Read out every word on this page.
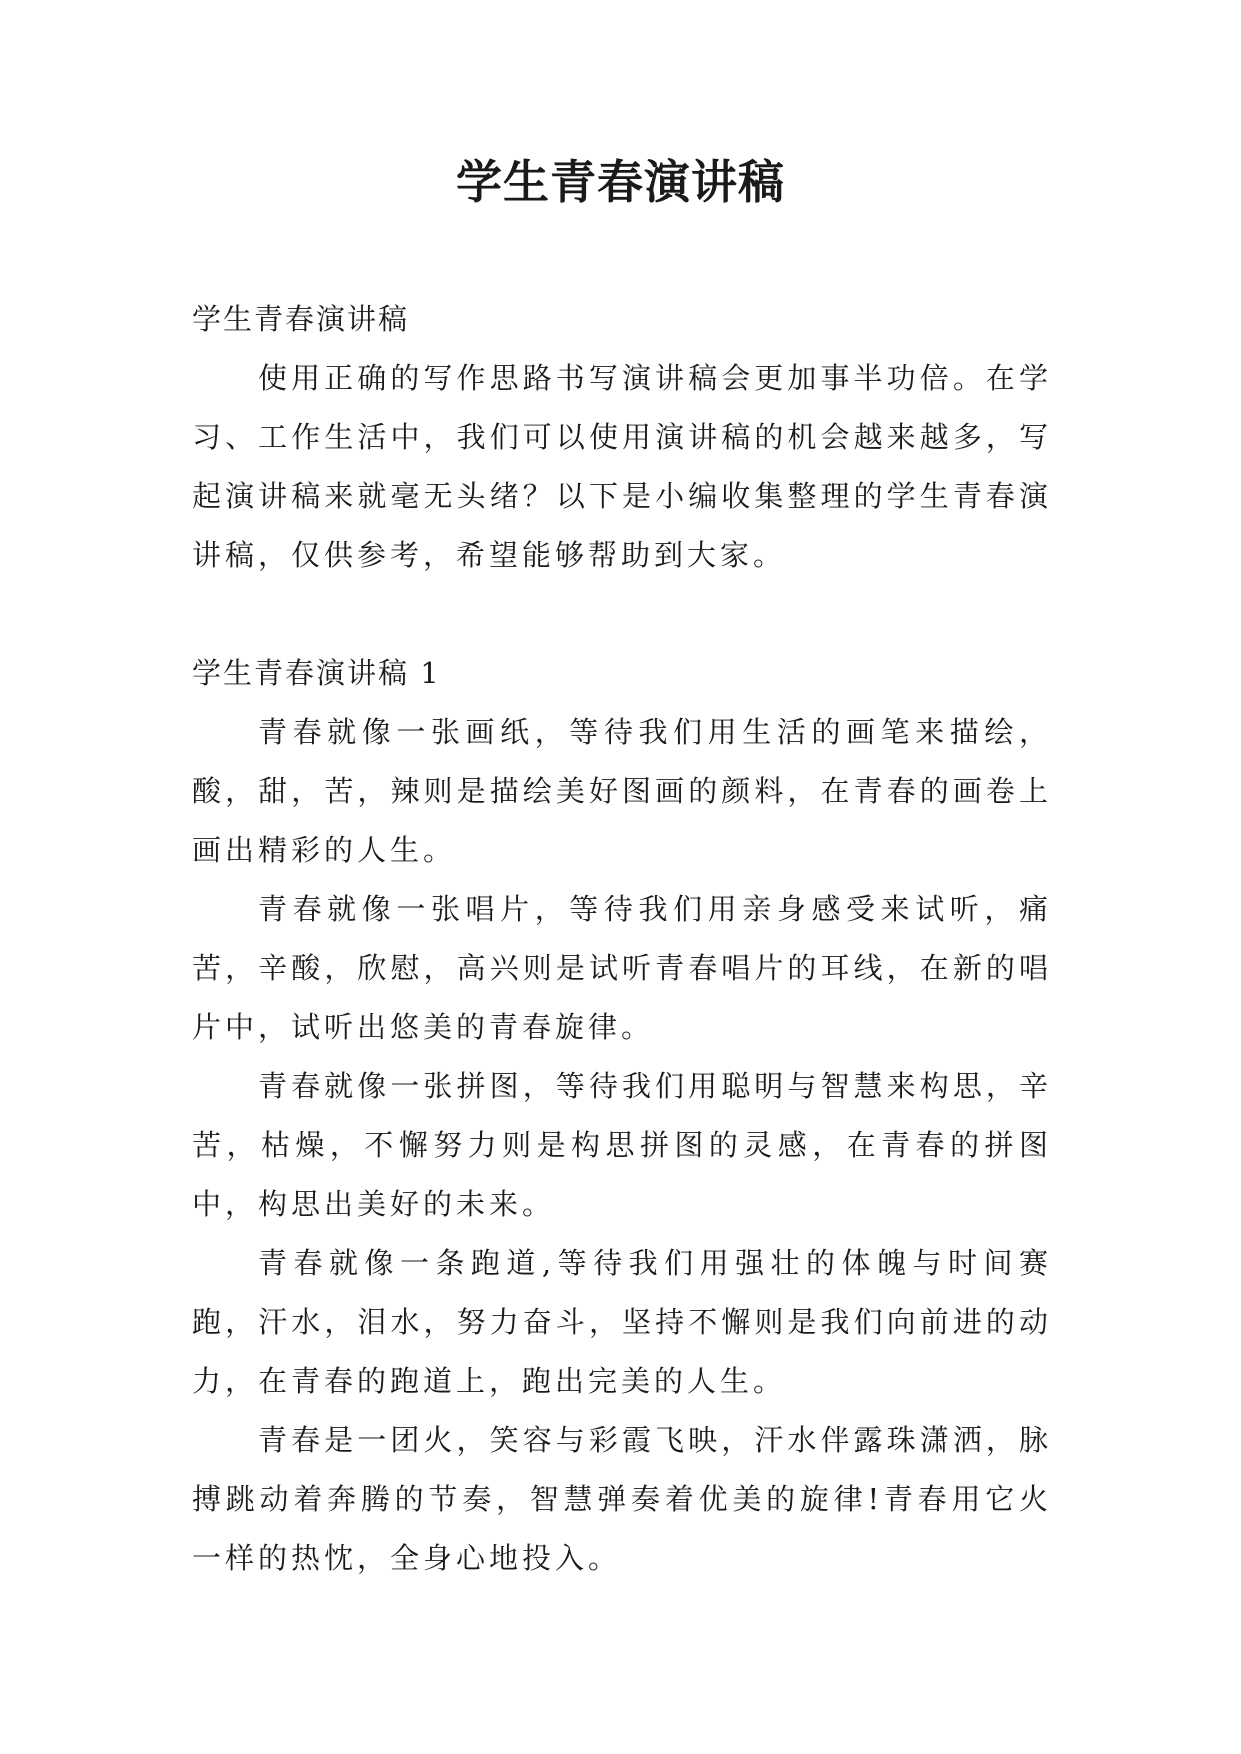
学生青春演讲稿

学生青春演讲稿

使用正确的写作思路书写演讲稿会更加事半功倍。在学习、工作生活中，我们可以使用演讲稿的机会越来越多，写起演讲稿来就毫无头绪？以下是小编收集整理的学生青春演讲稿，仅供参考，希望能够帮助到大家。

学生青春演讲稿 1

青春就像一张画纸，等待我们用生活的画笔来描绘，酸，甜，苦，辣则是描绘美好图画的颜料，在青春的画卷上画出精彩的人生。

青春就像一张唱片，等待我们用亲身感受来试听，痛苦，辛酸，欣慰，高兴则是试听青春唱片的耳线，在新的唱片中，试听出悠美的青春旋律。

青春就像一张拼图，等待我们用聪明与智慧来构思，辛苦，枯燥，不懈努力则是构思拼图的灵感，在青春的拼图中，构思出美好的未来。

青春就像一条跑道,等待我们用强壮的体魄与时间赛跑，汗水，泪水，努力奋斗，坚持不懈则是我们向前进的动力，在青春的跑道上，跑出完美的人生。

青春是一团火，笑容与彩霞飞映，汗水伴露珠潇洒，脉搏跳动着奔腾的节奏，智慧弹奏着优美的旋律!青春用它火一样的热忱，全身心地投入。
